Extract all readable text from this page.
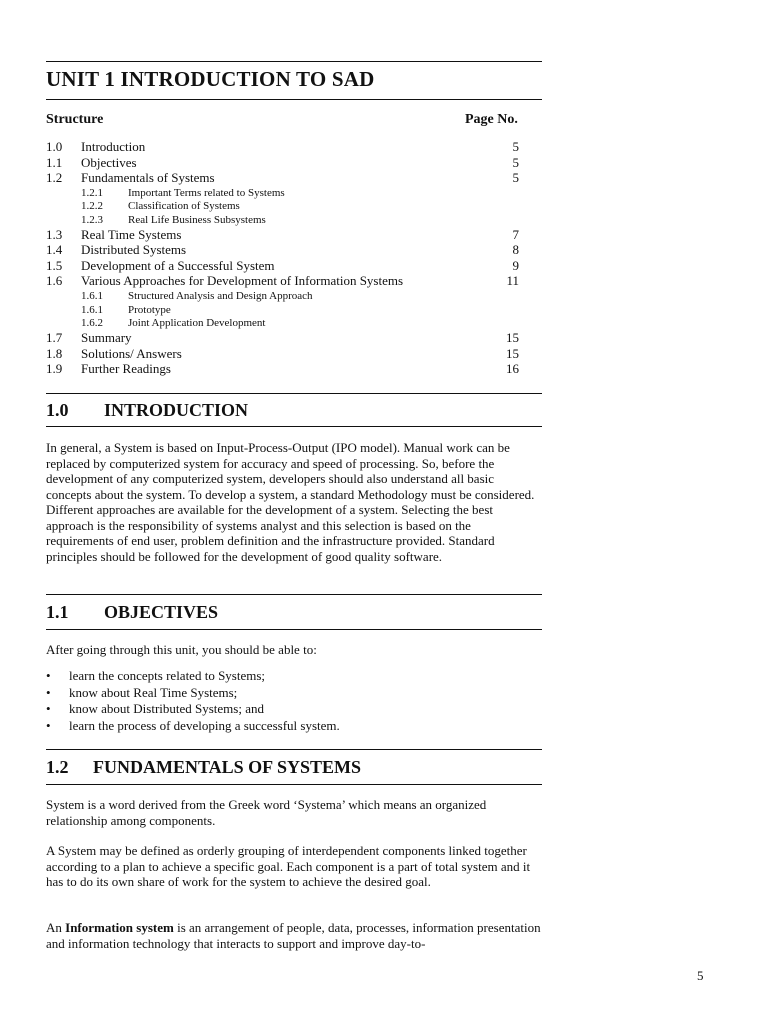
UNIT 1 INTRODUCTION TO SAD
Structure	Page No.
1.0 Introduction	5
1.1 Objectives	5
1.2 Fundamentals of Systems	5
1.2.1 Important Terms related to Systems
1.2.2 Classification of Systems
1.2.3 Real Life Business Subsystems
1.3 Real Time Systems	7
1.4 Distributed Systems	8
1.5 Development of a Successful System	9
1.6 Various Approaches for Development of Information Systems	11
1.6.1 Structured Analysis and Design Approach
1.6.1 Prototype
1.6.2 Joint Application Development
1.7 Summary	15
1.8 Solutions/ Answers	15
1.9 Further Readings	16
1.0 INTRODUCTION
In general, a System is based on Input-Process-Output (IPO model). Manual work can be replaced by computerized system for accuracy and speed of processing. So, before the development of any computerized system, developers should also understand all basic concepts about the system. To develop a system, a standard Methodology must be considered. Different approaches are available for the development of a system. Selecting the best approach is the responsibility of systems analyst and this selection is based on the requirements of end user, problem definition and the infrastructure provided. Standard principles should be followed for the development of good quality software.
1.1 OBJECTIVES
After going through this unit, you should be able to:
• learn the concepts related to Systems;
• know about Real Time Systems;
• know about Distributed Systems; and
• learn the process of developing a successful system.
1.2 FUNDAMENTALS OF SYSTEMS
System is a word derived from the Greek word ‘Systema’ which means an organized relationship among components.
A System may be defined as orderly grouping of interdependent components linked together according to a plan to achieve a specific goal. Each component is a part of total system and it has to do its own share of work for the system to achieve the desired goal.
An Information system is an arrangement of people, data, processes, information presentation and information technology that interacts to support and improve day-to-
5
